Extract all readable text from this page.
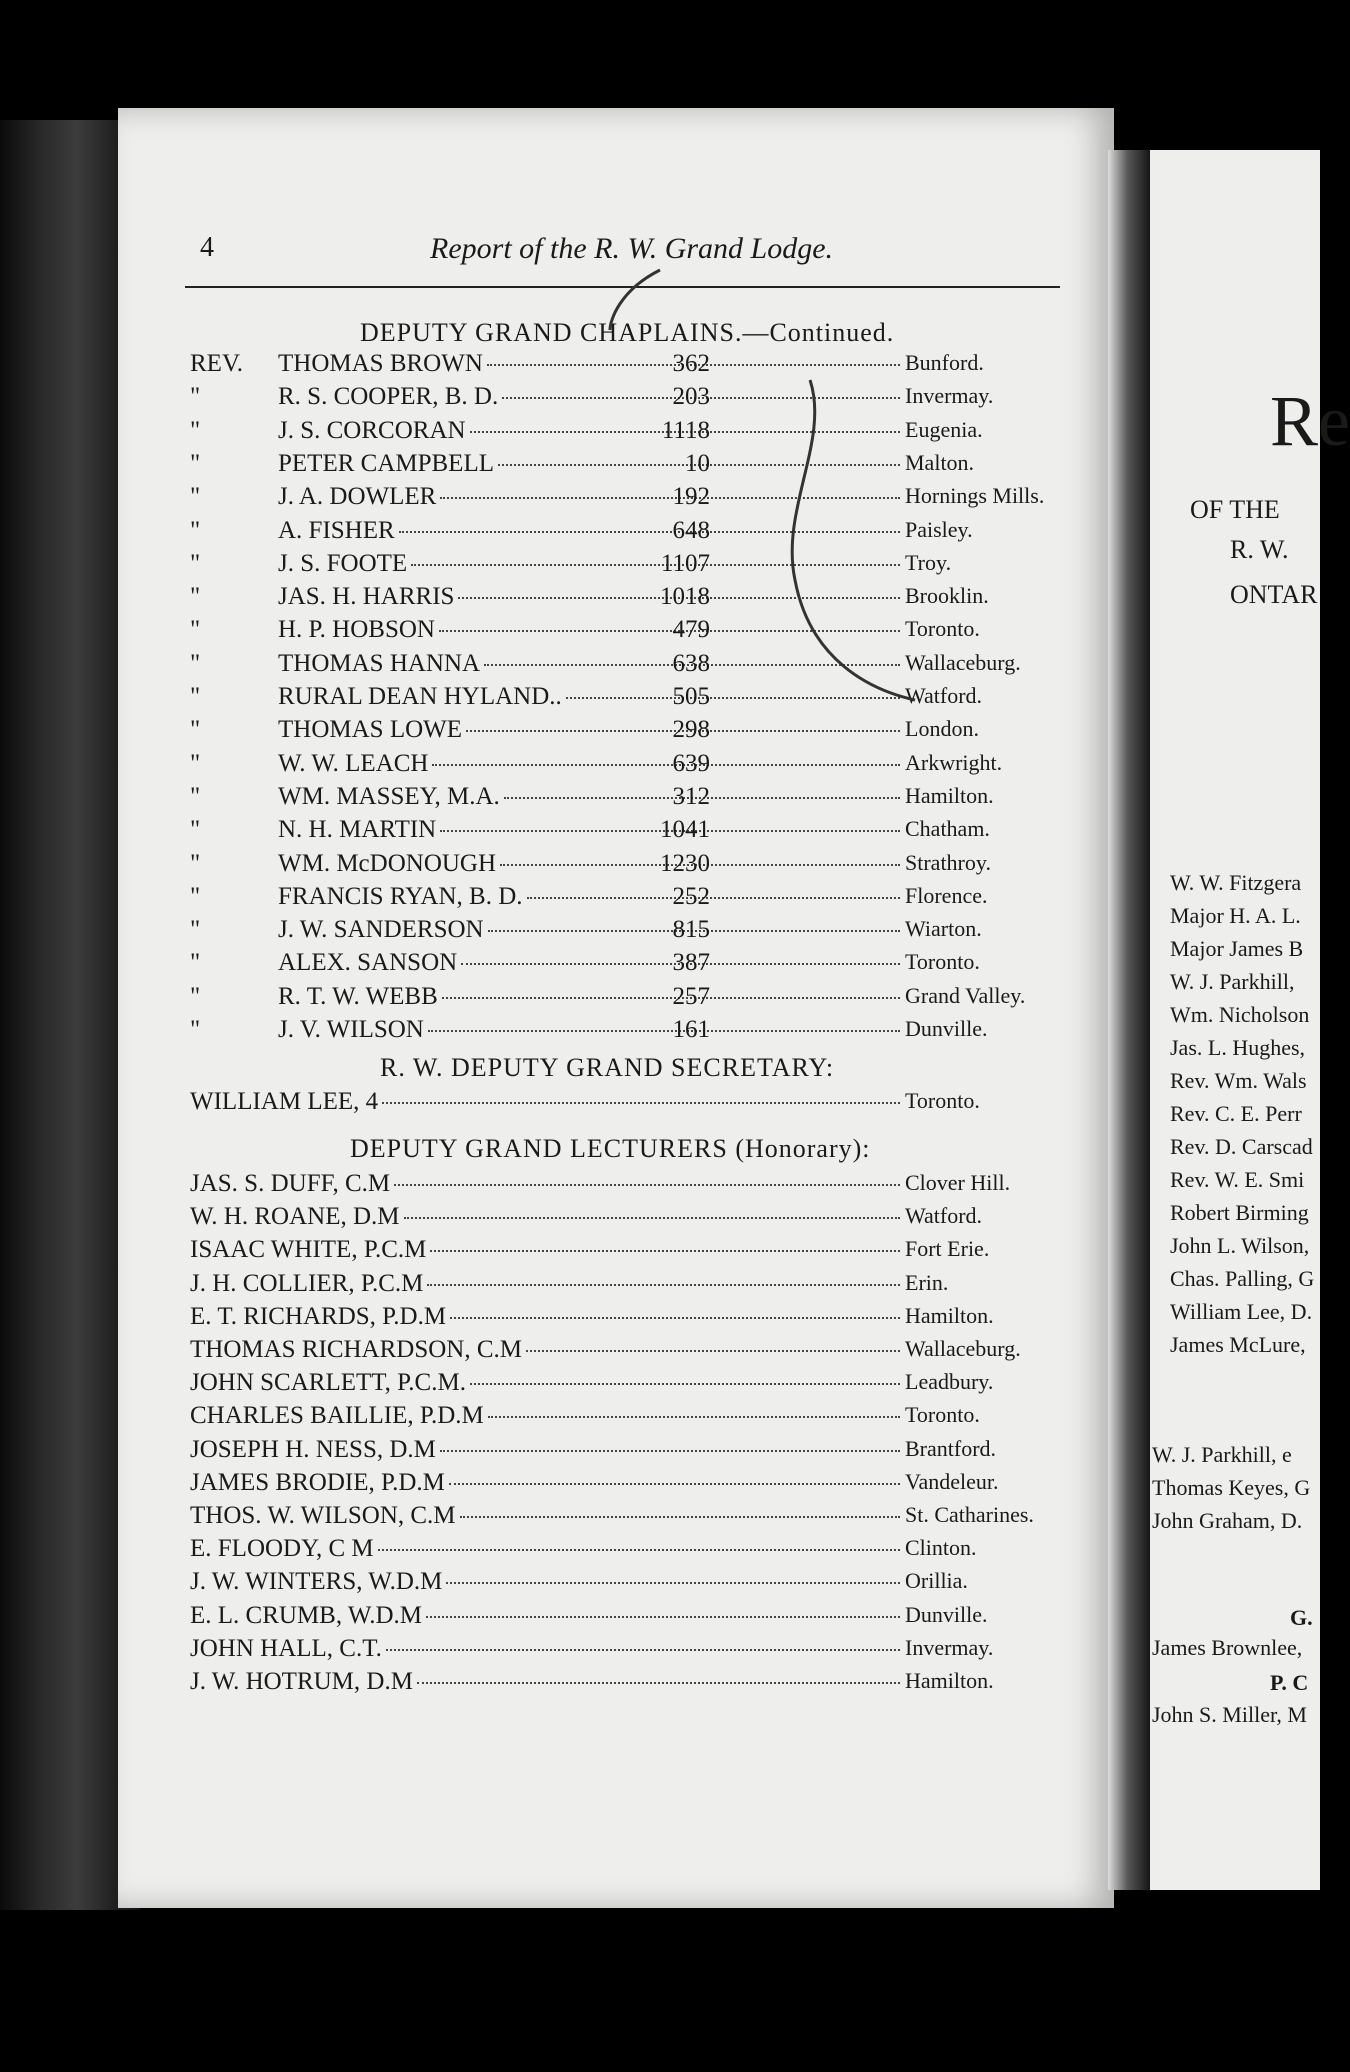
Re
OF THE
R. W.
ONTAR
W. W. Fitzgera
Major H. A. L.
Major James B
W. J. Parkhill,
Wm. Nicholson
Jas. L. Hughes,
Rev. Wm. Wals
Rev. C. E. Perr
Rev. D. Carscad
Rev. W. E. Smi
Robert Birming
John L. Wilson,
Chas. Palling, G
William Lee, D.
James McLure,
W. J. Parkhill, e
Thomas Keyes, G
John Graham, D.
G.
James Brownlee,
P. C
John S. Miller, M
4	Report of the R. W. Grand Lodge.
DEPUTY GRAND CHAPLAINS.—Continued.
REV.	THOMAS BROWN	362	Bunford.
"	R. S. COOPER, B. D.	203	Invermay.
"	J. S. CORCORAN	1118	Eugenia.
"	PETER CAMPBELL	10	Malton.
"	J. A. DOWLER	192	Hornings Mills.
"	A. FISHER	648	Paisley.
"	J. S. FOOTE	1107	Troy.
"	JAS. H. HARRIS	1018	Brooklin.
"	H. P. HOBSON	479	Toronto.
"	THOMAS HANNA	638	Wallaceburg.
"	RURAL DEAN HYLAND..	505	Watford.
"	THOMAS LOWE	298	London.
"	W. W. LEACH	639	Arkwright.
"	WM. MASSEY, M.A.	312	Hamilton.
"	N. H. MARTIN	1041	Chatham.
"	WM. McDONOUGH	1230	Strathroy.
"	FRANCIS RYAN, B. D.	252	Florence.
"	J. W. SANDERSON	815	Wiarton.
"	ALEX. SANSON	387	Toronto.
"	R. T. W. WEBB	257	Grand Valley.
"	J. V. WILSON	161	Dunville.
R. W. DEPUTY GRAND SECRETARY:
WILLIAM LEE, 4	Toronto.
DEPUTY GRAND LECTURERS (Honorary):
JAS. S. DUFF, C.M	Clover Hill.
W. H. ROANE, D.M	Watford.
ISAAC WHITE, P.C.M	Fort Erie.
J. H. COLLIER, P.C.M	Erin.
E. T. RICHARDS, P.D.M	Hamilton.
THOMAS RICHARDSON, C.M	Wallaceburg.
JOHN SCARLETT, P.C.M.	Leadbury.
CHARLES BAILLIE, P.D.M	Toronto.
JOSEPH H. NESS, D.M	Brantford.
JAMES BRODIE, P.D.M	Vandeleur.
THOS. W. WILSON, C.M	St. Catharines.
E. FLOODY, C M	Clinton.
J. W. WINTERS, W.D.M	Orillia.
E. L. CRUMB, W.D.M	Dunville.
JOHN HALL, C.T.	Invermay.
J. W. HOTRUM, D.M	Hamilton.
